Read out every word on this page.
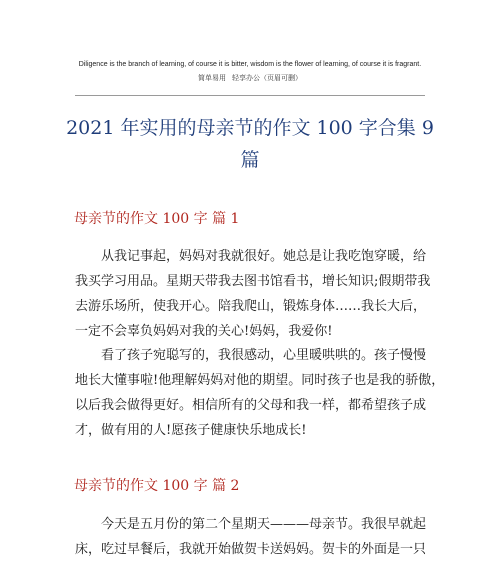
Diligence is the branch of learning, of course it is bitter, wisdom is the flower of learning, of course it is fragrant.
简单易用 轻享办公（页眉可删）
2021 年实用的母亲节的作文 100 字合集 9
篇
母亲节的作文 100 字 篇 1
从我记事起，妈妈对我就很好。她总是让我吃饱穿暖，给
我买学习用品。星期天带我去图书馆看书，增长知识;假期带我
去游乐场所，使我开心。陪我爬山，锻炼身体……我长大后，
一定不会辜负妈妈对我的关心!妈妈，我爱你!
看了孩子宛聪写的，我很感动，心里暖哄哄的。孩子慢慢
地长大懂事啦!他理解妈妈对他的期望。同时孩子也是我的骄傲，
以后我会做得更好。相信所有的父母和我一样，都希望孩子成
才，做有用的人!愿孩子健康快乐地成长!
母亲节的作文 100 字 篇 2
今天是五月份的第二个星期天———母亲节。我很早就起
床，吃过早餐后，我就开始做贺卡送妈妈。贺卡的外面是一只
